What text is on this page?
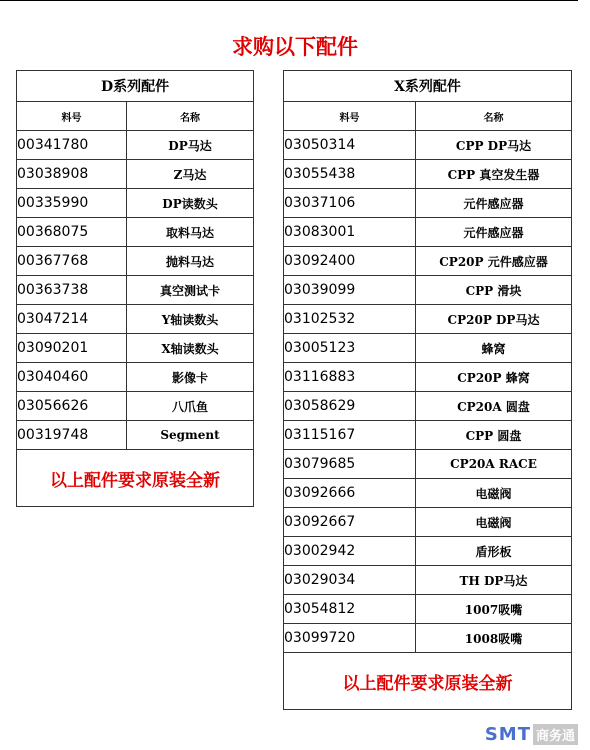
求购以下配件
D系列配件	
料号	名称
00341780	DP马达
03038908	Z马达
00335990	DP读数头
00368075	取料马达
00367768	抛料马达
00363738	真空测试卡
03047214	Y轴读数头
03090201	X轴读数头
03040460	影像卡
03056626	八爪鱼
00319748	Segment
以上配件要求原装全新	
X系列配件	
料号	名称
03050314	CPP DP马达
03055438	CPP 真空发生器
03037106	元件感应器
03083001	元件感应器
03092400	CP20P 元件感应器
03039099	CPP 滑块
03102532	CP20P DP马达
03005123	蜂窝
03116883	CP20P 蜂窝
03058629	CP20A 圆盘
03115167	CPP 圆盘
03079685	CP20A RACE
03092666	电磁阀
03092667	电磁阀
03002942	盾形板
03029034	TH DP马达
03054812	1007吸嘴
03099720	1008吸嘴
以上配件要求原装全新	
SMT 商务通
